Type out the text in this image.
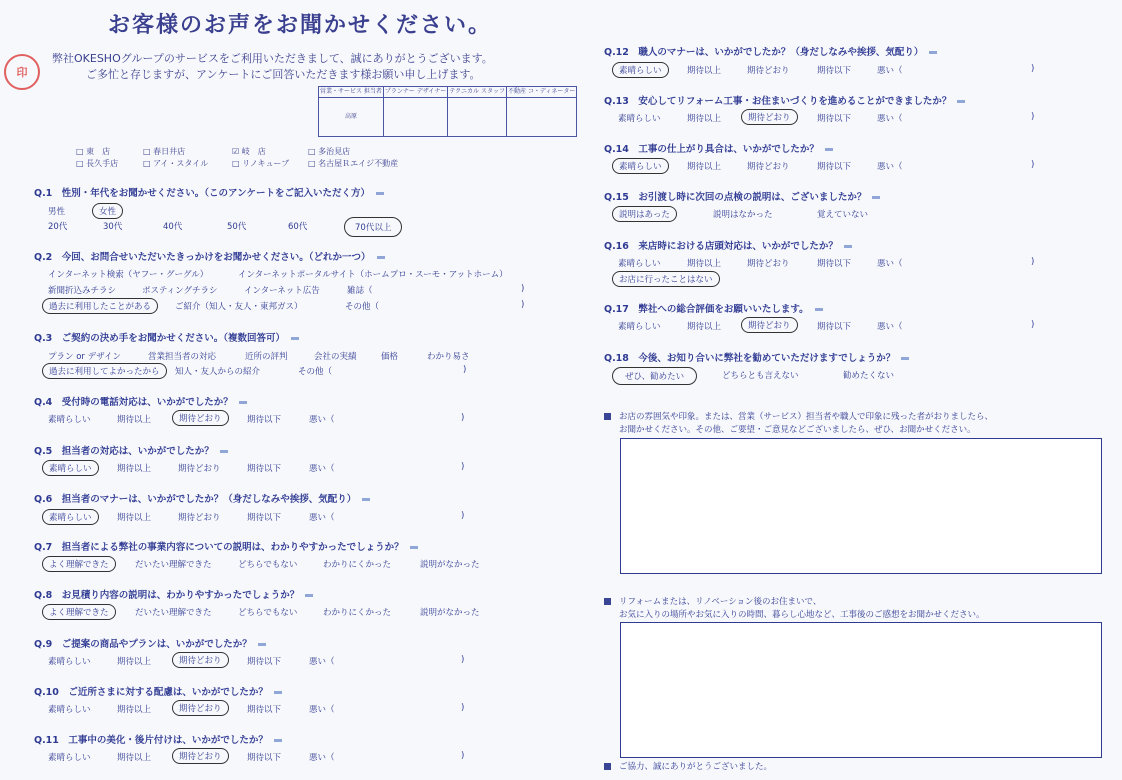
お客様のお声をお聞かせください。
印
弊社OKESHOグループのサービスをご利用いただきまして、誠にありがとうございます。
ご多忙と存じますが、アンケートにご回答いただきます様お願い申し上げます。
営業・サービス 担当者	プランナー デザイナー	テクニカル スタッフ	不動産 コ・ディネーター
高原			
□ 東　店	□ 春日井店	☑ 岐　店	□ 多治見店
□ 長久手店	□ アイ・スタイル	□ リノキューブ □ 名古屋Ｒエイジ不動産
Q.1　性別・年代をお聞かせください。（このアンケートをご記入いただく方）
男性	女性
20代	30代	40代	50代	60代	70代以上
Q.2　今回、お問合せいただいたきっかけをお聞かせください。（どれか一つ）
インターネット検索（ヤフー・グーグル）	インターネットポータルサイト（ホームプロ・スーモ・アットホーム）
新聞折込みチラシ	ポスティングチラシ	インターネット広告	雑誌（	)
過去に利用したことがある	ご紹介（知人・友人・東邦ガス）	その他（	)
Q.3　ご契約の決め手をお聞かせください。（複数回答可）
プラン or デザイン	営業担当者の対応	近所の評判	会社の実績	価格	わかり易さ
過去に利用してよかったから	知人・友人からの紹介	その他（	)
Q.4　受付時の電話対応は、いかがでしたか？
素晴らしい	期待以上	期待どおり	期待以下	悪い（	)
Q.5　担当者の対応は、いかがでしたか？
素晴らしい	期待以上	期待どおり	期待以下	悪い（	)
Q.6　担当者のマナーは、いかがでしたか？（身だしなみや挨拶、気配り）
素晴らしい	期待以上	期待どおり	期待以下	悪い（	)
Q.7　担当者による弊社の事業内容についての説明は、わかりやすかったでしょうか？
よく理解できた	だいたい理解できた	どちらでもない	わかりにくかった	説明がなかった
Q.8　お見積り内容の説明は、わかりやすかったでしょうか？
よく理解できた	だいたい理解できた	どちらでもない	わかりにくかった	説明がなかった
Q.9　ご提案の商品やプランは、いかがでしたか？
素晴らしい	期待以上	期待どおり	期待以下	悪い（	)
Q.10　ご近所さまに対する配慮は、いかがでしたか？
素晴らしい	期待以上	期待どおり	期待以下	悪い（	)
Q.11　工事中の美化・後片付けは、いかがでしたか？
素晴らしい	期待以上	期待どおり	期待以下	悪い（	)
Q.12　職人のマナーは、いかがでしたか？（身だしなみや挨拶、気配り）
素晴らしい	期待以上	期待どおり	期待以下	悪い（	)
Q.13　安心してリフォーム工事・お住まいづくりを進めることができましたか？
素晴らしい	期待以上	期待どおり	期待以下	悪い（	)
Q.14　工事の仕上がり具合は、いかがでしたか？
素晴らしい	期待以上	期待どおり	期待以下	悪い（	)
Q.15　お引渡し時に次回の点検の説明は、ございましたか？
説明はあった	説明はなかった	覚えていない
Q.16　来店時における店頭対応は、いかがでしたか？
素晴らしい	期待以上	期待どおり	期待以下	悪い（	)
お店に行ったことはない
Q.17　弊社への総合評価をお願いいたします。
素晴らしい	期待以上	期待どおり	期待以下	悪い（	)
Q.18　今後、お知り合いに弊社を勧めていただけますでしょうか？
ぜひ、勧めたい	どちらとも言えない	勧めたくない
お店の雰囲気や印象。または、営業（サービス）担当者や職人で印象に残った者がおりましたら、
お聞かせください。その他、ご要望・ご意見などございましたら、ぜひ、お聞かせください。
リフォームまたは、リノベーション後のお住まいで、
お気に入りの場所やお気に入りの時間、暮らし心地など、工事後のご感想をお聞かせください。
ご協力、誠にありがとうございました。
